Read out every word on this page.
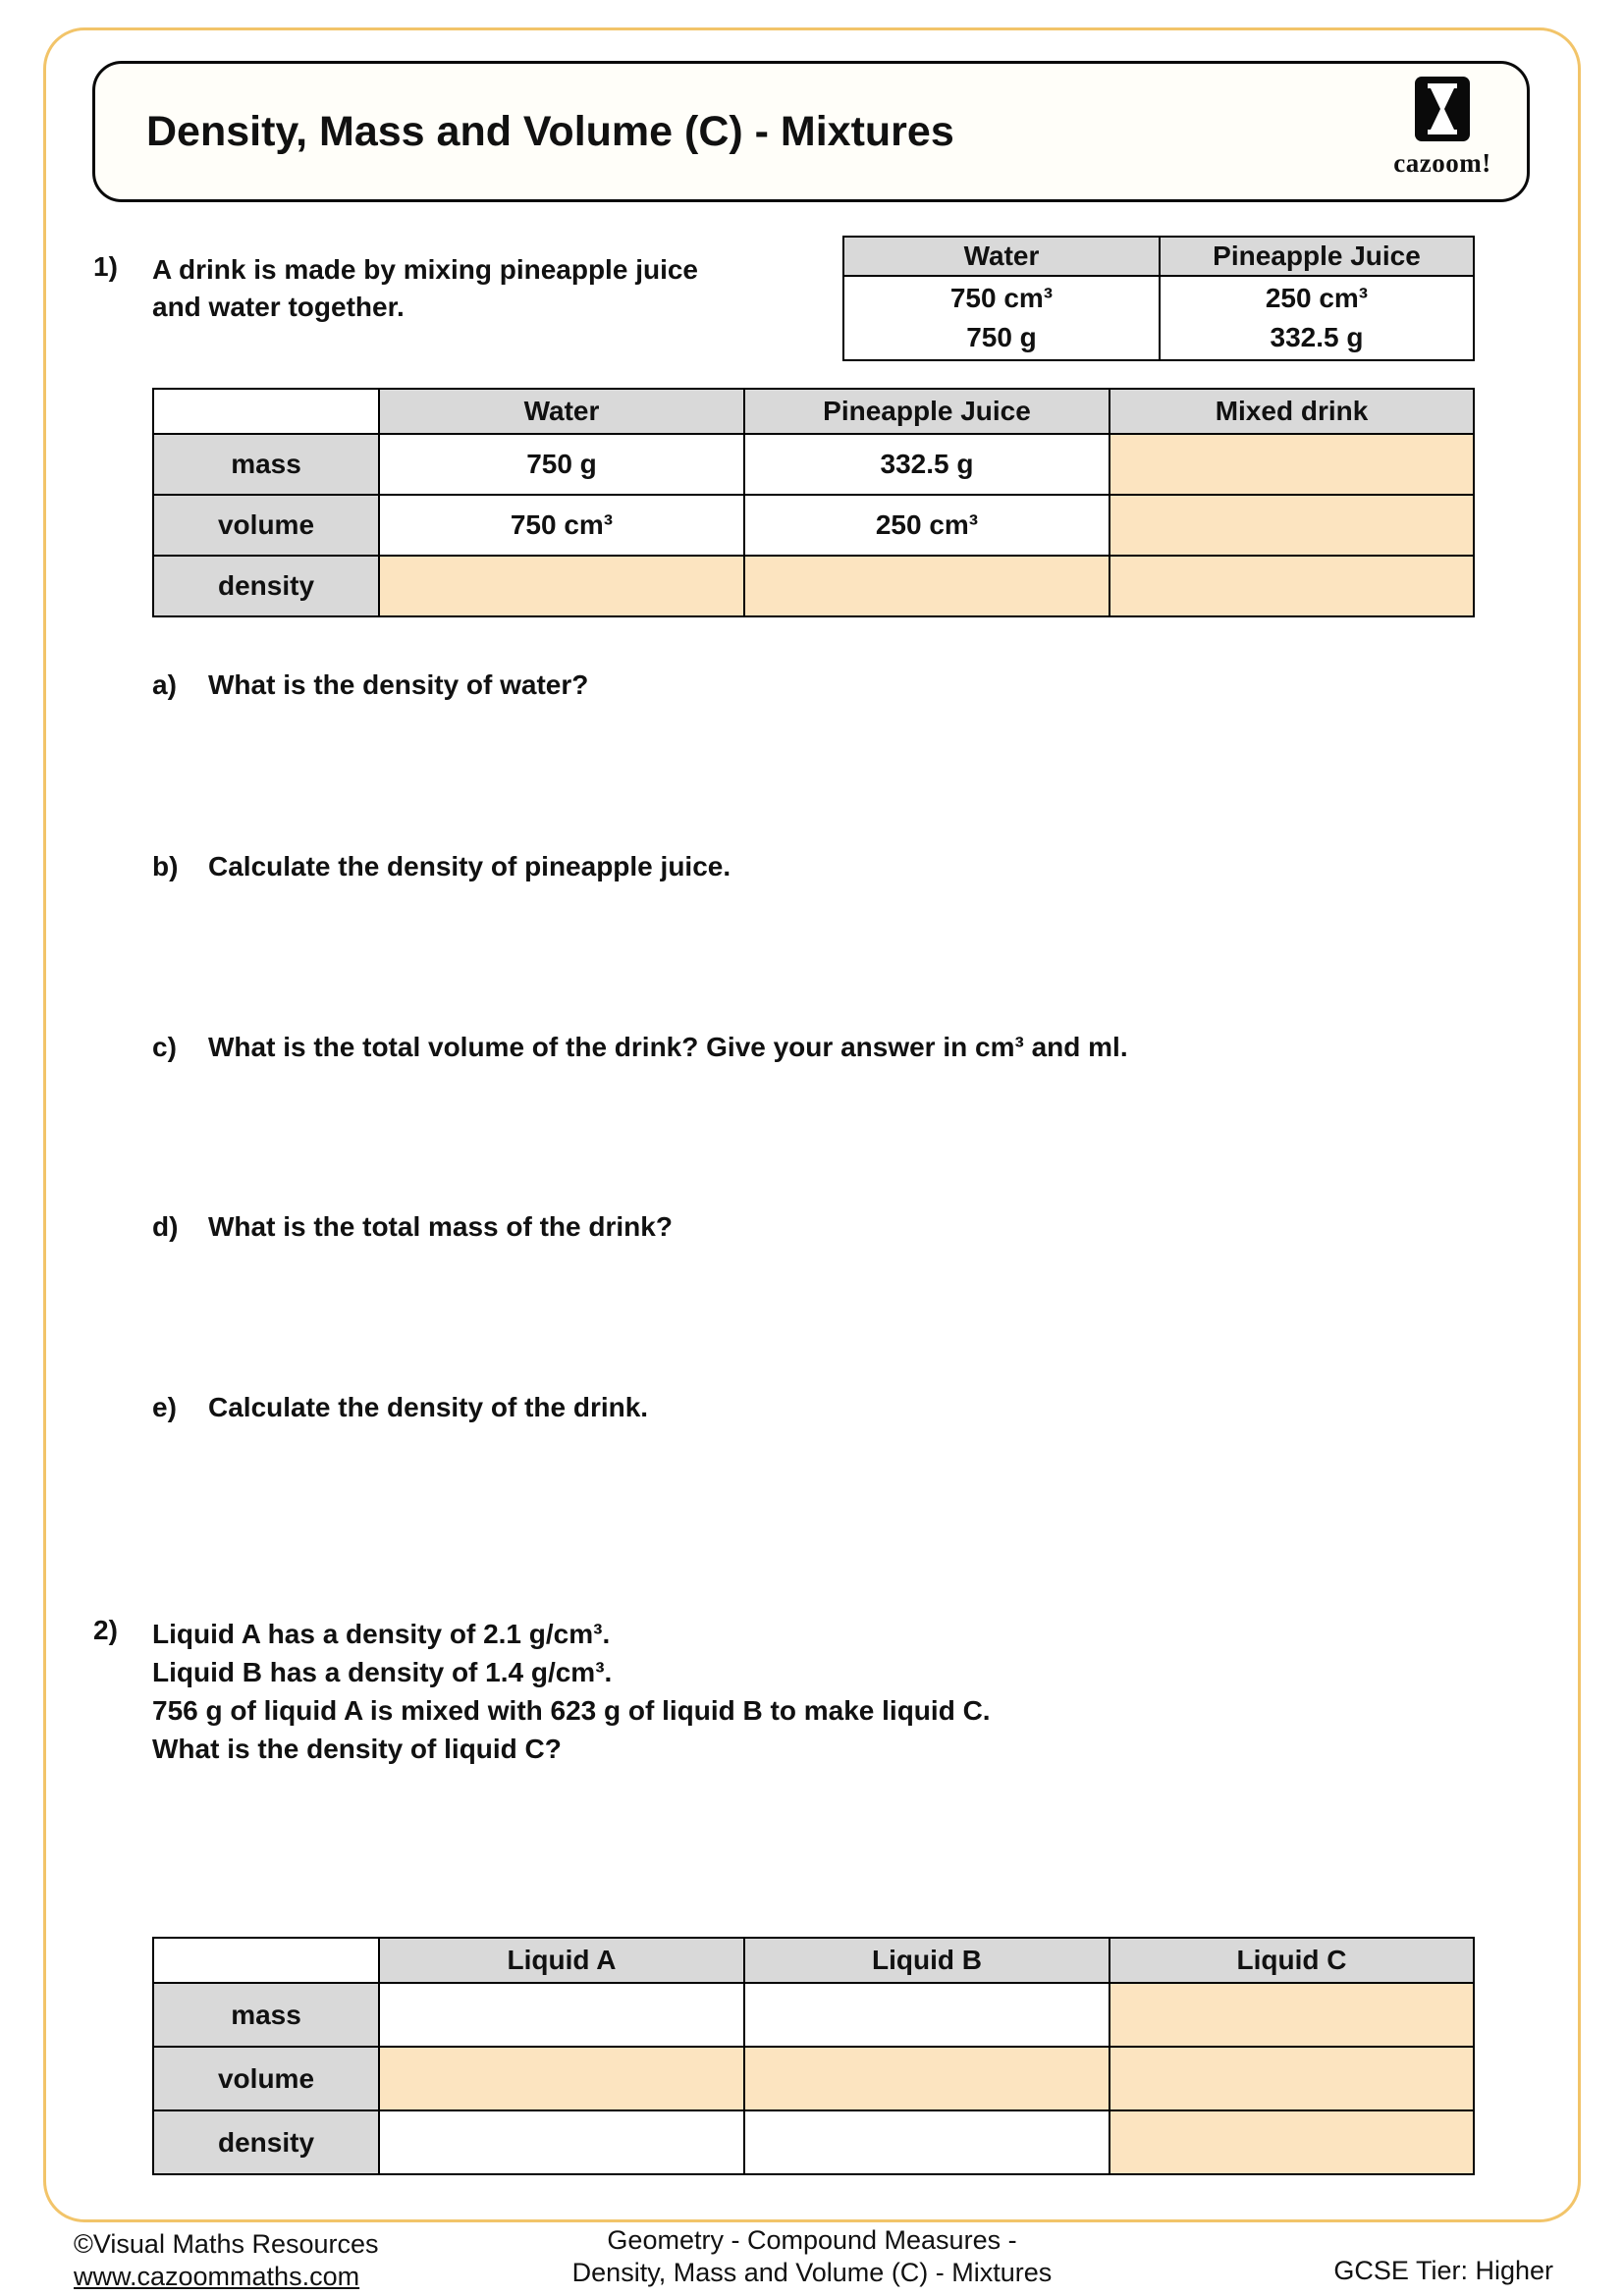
Density, Mass and Volume (C) - Mixtures
cazoom!
1) A drink is made by mixing pineapple juice
and water together.
Water	Pineapple Juice

750 cm³
750 g

250 cm³
332.5 g
	Water	Pineapple Juice	Mixed drink
mass	750 g	332.5 g	
volume	750 cm³	250 cm³	
density			
a) What is the density of water?
b) Calculate the density of pineapple juice.
c) What is the total volume of the drink? Give your answer in cm³ and ml.
d) What is the total mass of the drink?
e) Calculate the density of the drink.
2) Liquid A has a density of 2.1 g/cm³.
Liquid B has a density of 1.4 g/cm³.
756 g of liquid A is mixed with 623 g of liquid B to make liquid C.
What is the density of liquid C?
	Liquid A	Liquid B	Liquid C
mass			
volume			
density			
©Visual Maths Resources
www.cazoommaths.com
Geometry - Compound Measures -
Density, Mass and Volume (C) - Mixtures	GCSE Tier: Higher
